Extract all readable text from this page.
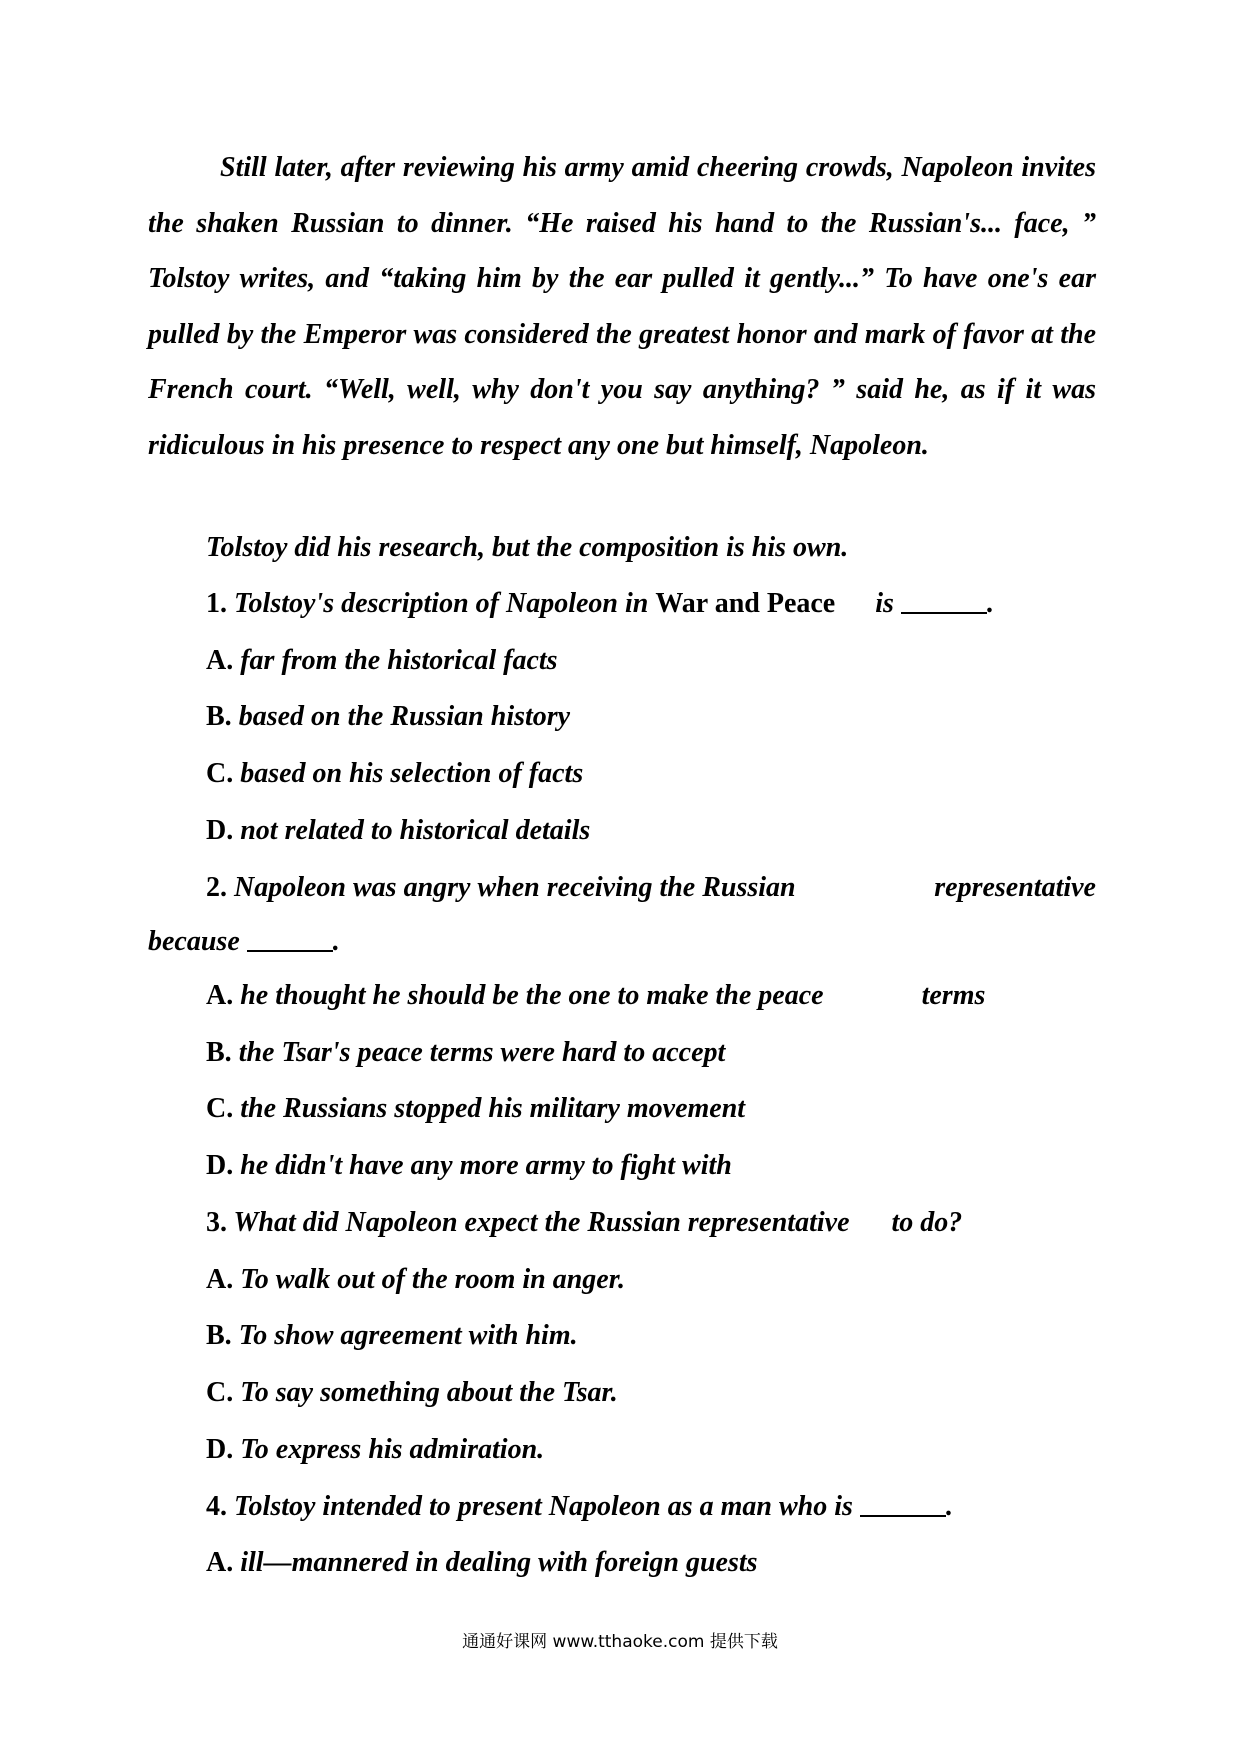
Still later, after reviewing his army amid cheering crowds, Napoleon invites the shaken Russian to dinner. “He raised his hand to the Russian's... face, ” Tolstoy writes, and “taking him by the ear pulled it gently...” To have one's ear pulled by the Emperor was considered the greatest honor and mark of favor at the French court. “Well, well, why don't you say anything? ” said he, as if it was ridiculous in his presence to respect any one but himself, Napoleon.

Tolstoy did his research, but the composition is his own.

1. Tolstoy's description of Napoleon in War and Peace is	.

A. far from the historical facts

B. based on the Russian history

C. based on his selection of facts

D. not related to historical details

2. Napoleon was angry when receiving the Russian	representative

because	.

A. he thought he should be the one to make the peace	terms

B. the Tsar's peace terms were hard to accept

C. the Russians stopped his military movement

D. he didn't have any more army to fight with

3. What did Napoleon expect the Russian representative to do?

A. To walk out of the room in anger.

B. To show agreement with him.

C. To say something about the Tsar.

D. To express his admiration.

4. Tolstoy intended to present Napoleon as a man who is	.

A. ill—mannered in dealing with foreign guests

通通好课网 www.tthaoke.com 提供下载
